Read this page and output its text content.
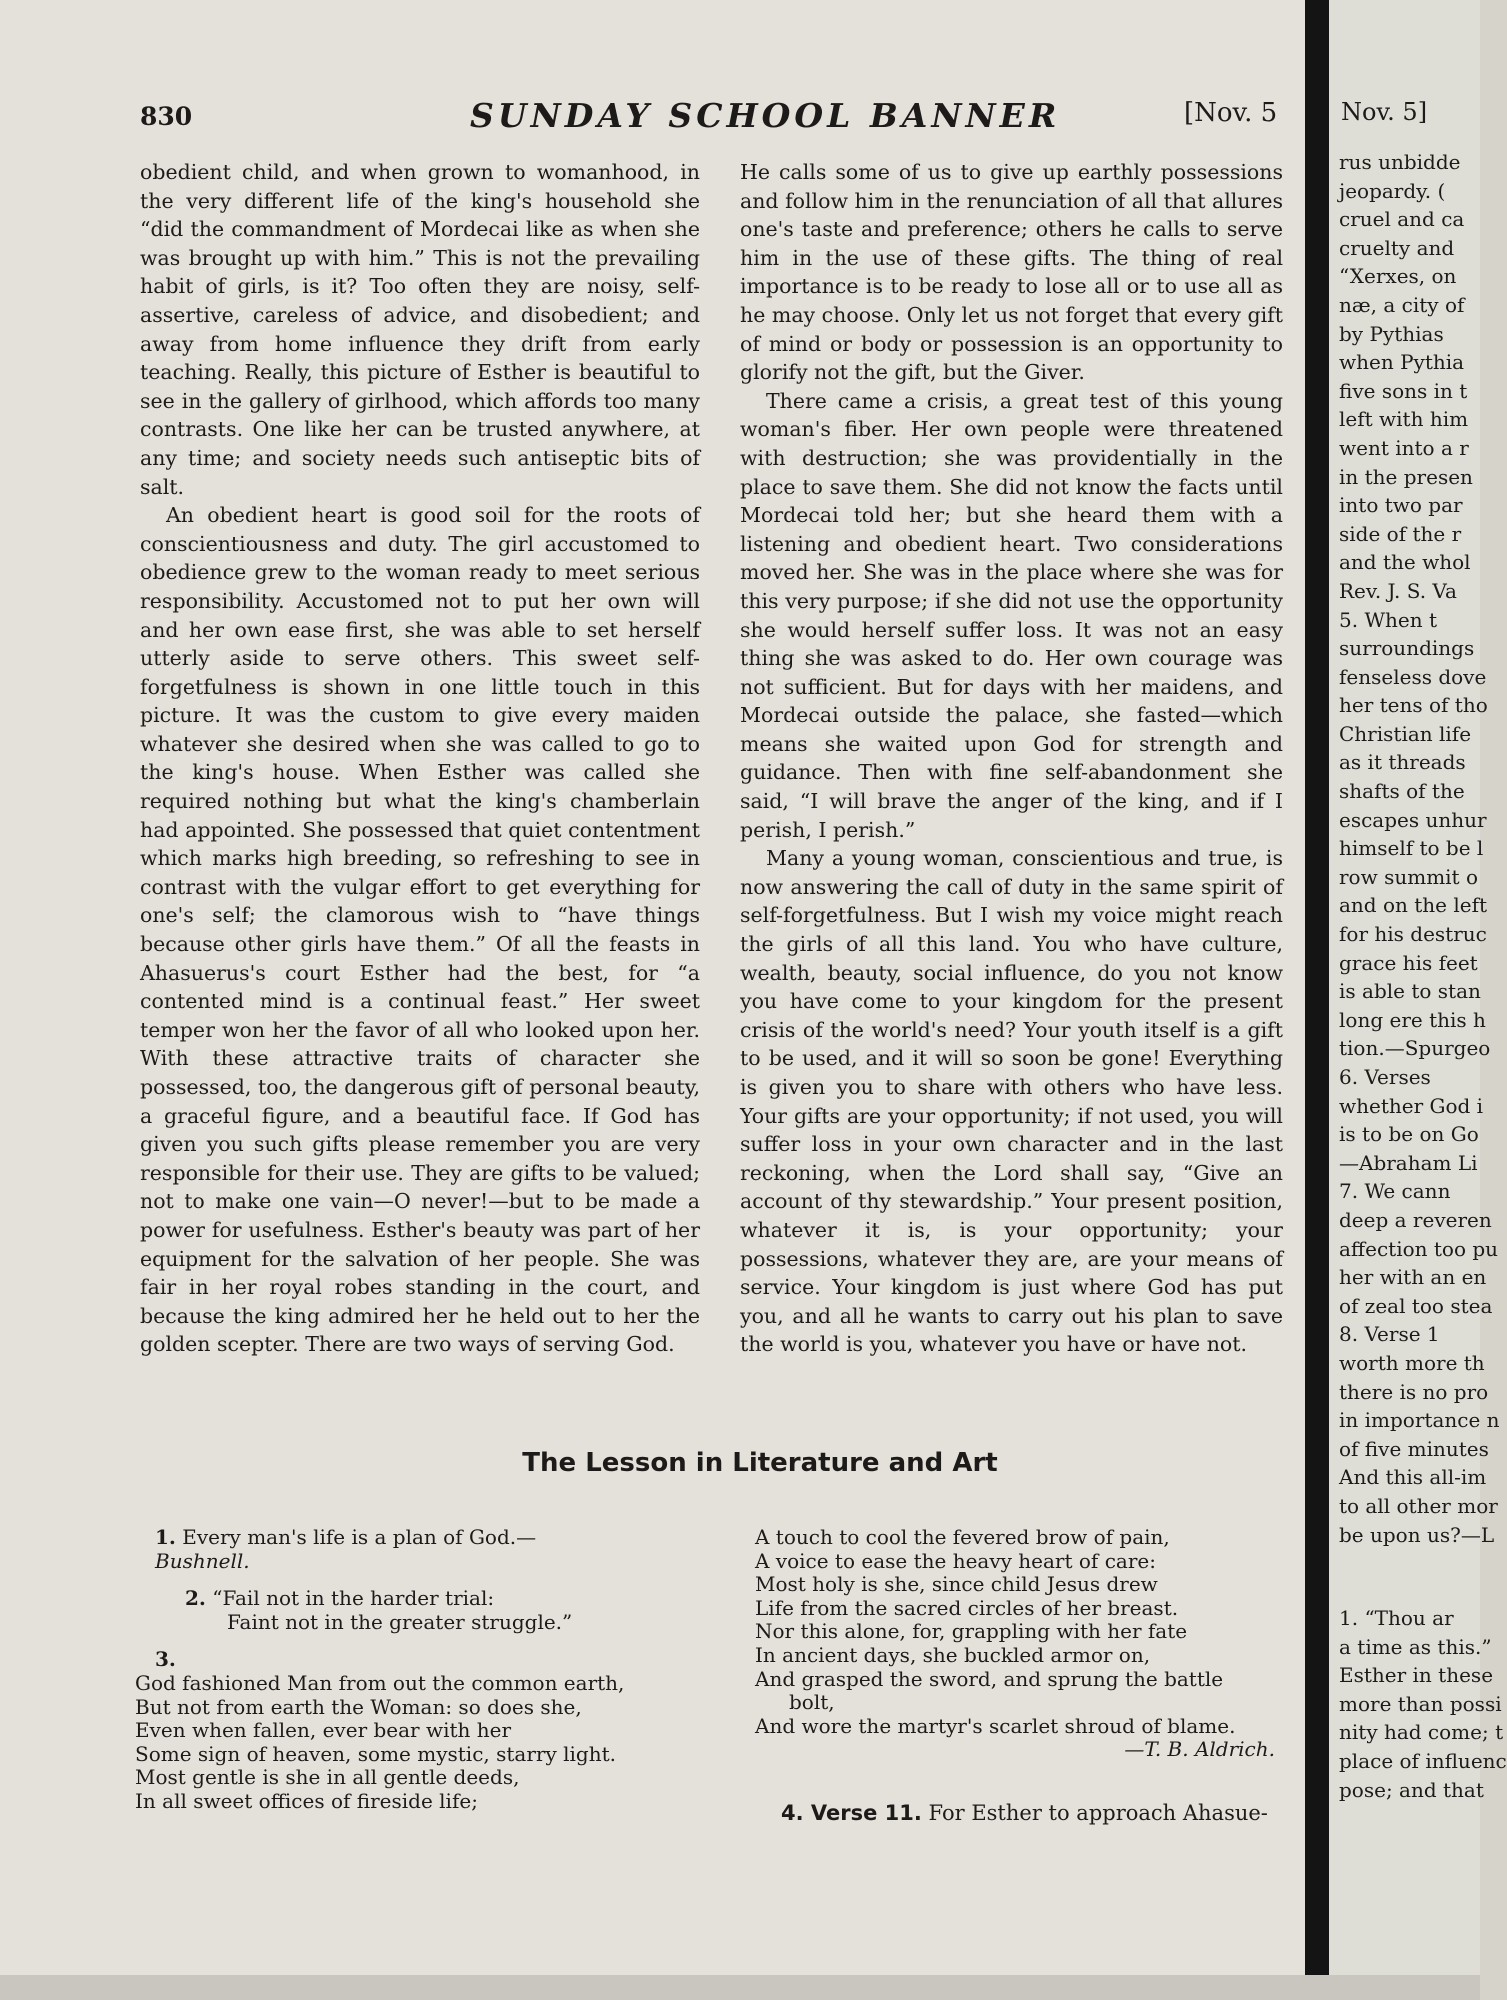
Nov. 5]
rus unbidde
jeopardy. (
cruel and ca
cruelty and
“Xerxes, on
næ, a city of
by Pythias
when Pythia
five sons in t
left with him
went into a r
in the presen
into two par
side of the r
and the whol
Rev. J. S. Va
5. When t
surroundings
fenseless dove
her tens of tho
Christian life
as it threads
shafts of the
escapes unhur
himself to be l
row summit o
and on the left
for his destruc
grace his feet
is able to stan
long ere this h
tion.—Spurgeo
6. Verses
whether God i
is to be on Go
—Abraham Li
7. We cann
deep a reveren
affection too pu
her with an en
of zeal too stea
8. Verse 1
worth more th
there is no pro
in importance n
of five minutes
And this all-im
to all other mor
be upon us?—L
1. “Thou ar
a time as this.”
Esther in these
more than possi
nity had come; t
place of influenc
pose; and that
830	SUNDAY SCHOOL BANNER	[Nov. 5

obedient child, and when grown to womanhood, in the very different life of the king's household she “did the commandment of Mordecai like as when she was brought up with him.” This is not the prevailing habit of girls, is it? Too often they are noisy, self-assertive, careless of advice, and disobedient; and away from home influence they drift from early teaching. Really, this picture of Esther is beautiful to see in the gallery of girlhood, which affords too many contrasts. One like her can be trusted anywhere, at any time; and society needs such antiseptic bits of salt.

An obedient heart is good soil for the roots of conscientiousness and duty. The girl accustomed to obedience grew to the woman ready to meet serious responsibility. Accustomed not to put her own will and her own ease first, she was able to set herself utterly aside to serve others. This sweet self-forgetfulness is shown in one little touch in this picture. It was the custom to give every maiden whatever she desired when she was called to go to the king's house. When Esther was called she required nothing but what the king's chamberlain had appointed. She possessed that quiet contentment which marks high breeding, so refreshing to see in contrast with the vulgar effort to get everything for one's self; the clamorous wish to “have things because other girls have them.” Of all the feasts in Ahasuerus's court Esther had the best, for “a contented mind is a continual feast.” Her sweet temper won her the favor of all who looked upon her. With these attractive traits of character she possessed, too, the dangerous gift of personal beauty, a graceful figure, and a beautiful face. If God has given you such gifts please remember you are very responsible for their use. They are gifts to be valued; not to make one vain—O never!—but to be made a power for usefulness. Esther's beauty was part of her equipment for the salvation of her people. She was fair in her royal robes standing in the court, and because the king admired her he held out to her the golden scepter. There are two ways of serving God.

He calls some of us to give up earthly possessions and follow him in the renunciation of all that allures one's taste and preference; others he calls to serve him in the use of these gifts. The thing of real importance is to be ready to lose all or to use all as he may choose. Only let us not forget that every gift of mind or body or possession is an opportunity to glorify not the gift, but the Giver.

There came a crisis, a great test of this young woman's fiber. Her own people were threatened with destruction; she was providentially in the place to save them. She did not know the facts until Mordecai told her; but she heard them with a listening and obedient heart. Two considerations moved her. She was in the place where she was for this very purpose; if she did not use the opportunity she would herself suffer loss. It was not an easy thing she was asked to do. Her own courage was not sufficient. But for days with her maidens, and Mordecai outside the palace, she fasted—which means she waited upon God for strength and guidance. Then with fine self-abandonment she said, “I will brave the anger of the king, and if I perish, I perish.”

Many a young woman, conscientious and true, is now answering the call of duty in the same spirit of self-forgetfulness. But I wish my voice might reach the girls of all this land. You who have culture, wealth, beauty, social influence, do you not know you have come to your kingdom for the present crisis of the world's need? Your youth itself is a gift to be used, and it will so soon be gone! Everything is given you to share with others who have less. Your gifts are your opportunity; if not used, you will suffer loss in your own character and in the last reckoning, when the Lord shall say, “Give an account of thy stewardship.” Your present position, whatever it is, is your opportunity; your possessions, whatever they are, are your means of service. Your kingdom is just where God has put you, and all he wants to carry out his plan to save the world is you, whatever you have or have not.

The Lesson in Literature and Art

1. Every man's life is a plan of God.—
Bushnell.

2. “Fail not in the harder trial:
Faint not in the greater struggle.”

3.
God fashioned Man from out the common earth,
But not from earth the Woman: so does she,
Even when fallen, ever bear with her
Some sign of heaven, some mystic, starry light.
Most gentle is she in all gentle deeds,
In all sweet offices of fireside life;

A touch to cool the fevered brow of pain,
A voice to ease the heavy heart of care:
Most holy is she, since child Jesus drew
Life from the sacred circles of her breast.
Nor this alone, for, grappling with her fate
In ancient days, she buckled armor on,
And grasped the sword, and sprung the battle
bolt,
And wore the martyr's scarlet shroud of blame.
—T. B. Aldrich.
4. Verse 11. For Esther to approach Ahasue-
